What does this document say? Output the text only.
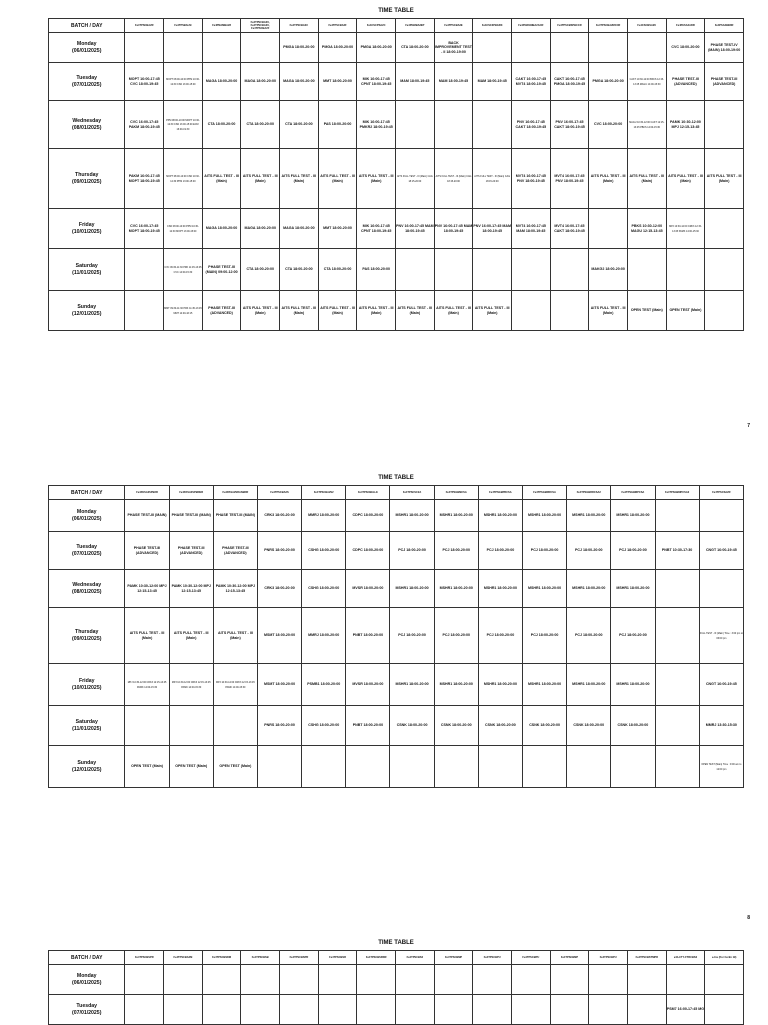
TIME TABLE
BATCH / DAY	Fe4TPSCBA2R	Fe4TPSBALM	Fe4PNAMBA28	Fe4TPSCBA2U, Fe4TPSCBA2U, Fe4TPSCBA2F	Fe4TPSCBA2C	Fe4TPSCBA2F	Fe4CSCPSA2C	Fe4PGMBA2EP	Fe4TPSCBA2E	Fe4CSC3PBGRX	Fe4PGRGMBA2ACR	Fe4TPSCBSPBCCR	Fe4TPSCBA2MCCR	Fe4CSCBSA2U	Fe4PASA2ADR	Fe4PSA2BEDR

Monday
(06/01/2025)					PMGA 18:00-20:00	PMGA 18:00-20:00	PMGA 18:00-20:00	CTA 18:00-20:00	BACK IMPROVEMENT TEST - II 18:00-19:00						CVC 18:00-20:00	PHASE TEST-IV (MAIN) 18:00-19:00

Tuesday
(07/01/2025)	MOPT 16:00-17:45 CVC 18:00-19:45	MOPT 08:00-10:00 PPM 10:30-12:30 CSD 13:00-15:00	MAGA 18:00-20:00	MAGA 18:00-20:00	MAGA 18:00-20:00	MMT 18:00-20:00	MIK 16:00-17:45 CPNT 18:00-19:45	MAM 18:00-19:45	MAM 18:00-19:45	MAM 18:00-19:45	CAKT 16:00-17:45 MVT4 18:00-19:45	CAKT 16:00-17:45 PMGA 18:00-19:45	PMGA 18:00-20:00	CAKT 10:30-12:00 BKKS 12:15-13:45 MAGU 14:00-15:30	PHASE TEST-III (ADVANCED)	PHASE TEST-III (ADVANCED)

Wednesday
(08/01/2025)	CVC 16:00-17:45 PAKM 18:00-19:45	PPM 08:00-10:00 MOPT 10:30-12:30 CSD 13:00-15:00 ECM 16:00-19:30	CTA 18:00-20:00	CTA 18:00-20:00	CTA 18:00-20:00	PAS 18:00-20:00	MIK 16:00-17:45 PMKR2 18:00-19:45				PNV 16:00-17:45 CAKT 18:00-19:45	PNV 16:00-17:45 CAKT 18:00-19:45	CVC 18:00-20:00	MAGU 10:30-12:00 CAKT 12:15-13:45 PBKS 14:00-15:30	PAMK 10:30-12:00 MPJ 12:15-13:45	

Thursday
(09/01/2025)	PAKM 16:00-17:45 MOPT 18:00-19:45	MOPT 08:00-10:00 CSD 10:30-12:30 PPM 13:00-15:00	AITS FULL TEST - III (Main)	AITS FULL TEST - III (Main)	AITS FULL TEST - III (Main)	AITS FULL TEST - III (Main)	AITS FULL TEST - III (Main)	AITS FULL TEST - III (Main) CAG 18:15-20:00	AITS FULL TEST - III (Main) CAG 18:15-20:00	AITS FULL TEST - III (Main) CAG 18:15-20:00	MVT4 16:00-17:45 PNV 18:00-19:45	MVT4 16:00-17:45 PNV 18:00-19:45	AITS FULL TEST - III (Main)	AITS FULL TEST - III (Main)	AITS FULL TEST - III (Main)	AITS FULL TEST - III (Main)

Friday
(10/01/2025)	CVC 16:00-17:45 MOPT 18:00-19:45	CSD 08:00-10:00 PPM 10:30-12:30 MOPT 13:00-15:00	MAGA 18:00-20:00	MAGA 18:00-20:00	MAGA 18:00-20:00	MMT 18:00-20:00	MIK 16:00-17:45 CPNT 18:00-19:45	PNV 16:00-17:45 MAM 18:00-19:45	PNV 16:00-17:45 MAM 18:00-19:45	PNV 16:00-17:45 MAM 18:00-19:45	MVT4 16:00-17:45 MAM 18:00-19:45	MVT4 16:00-17:45 CAKT 18:00-19:45		PBKS 10:30-12:00 MAGU 12:15-13:45	MPJ 10:30-12:00 CRK3 12:15-13:45 PAMK 14:00-15:30	

Saturday
(11/01/2025)		CVC 09:30-11:30 PRK 11:45-13:45 CVC 14:00-15:30	PHASE TEST-III (MAIN) 09:00-12:00	CTA 18:00-20:00	CTA 18:00-20:00	CTA 18:00-20:00	PAS 18:00-20:00						MAKG2 18:00-20:00			

Sunday
(12/01/2025)		MMT 09:30-11:30 PRK 11:45-13:45 MMT 14:00-16:15	PHASE TEST-III (ADVANCED)	AITS FULL TEST - III (Main)	AITS FULL TEST - III (Main)	AITS FULL TEST - III (Main)	AITS FULL TEST - III (Main)	AITS FULL TEST - III (Main)	AITS FULL TEST - III (Main)	AITS FULL TEST - III (Main)			AITS FULL TEST - III (Main)	OPEN TEST (Main)	OPEN TEST (Main)	
7
TIME TABLE
BATCH / DAY	Fe4PASA2SPB2R	Fe4PASA2SPBDER	Fe4PASA2SRASBDR	Fe4TPSCBA2S	Fe4TPSCBA2S2	Fe4TPSCBELLE	Fe4TPSCSC2A	Fe4TPSGBMCSA	Fe4TPSGBPRCSA	Fe4TPSGBRRCSA	Fe4TPSGBRRCSA2	Fe4TPSGBMPCSA	Fe4TPSGBMPCSA2	Fe4TPSCSA2R

Monday
(06/01/2025)	PHASE TEST-III (MAIN)	PHASE TEST-III (MAIN)	PHASE TEST-III (MAIN)	CRK3 18:00-20:00	MMRJ 18:00-20:00	CDPC 18:00-20:00	MSHR1 18:00-20:00	MSHR1 18:00-20:00	MSHR1 18:00-20:00	MSHR1 18:00-20:00	MSHR1 18:00-20:00	MSHR1 18:00-20:00		

Tuesday
(07/01/2025)	PHASE TEST-III (ADVANCED)	PHASE TEST-III (ADVANCED)	PHASE TEST-III (ADVANCED)	PNRS 18:00-20:00	CSHG 18:00-20:00	CDPC 18:00-20:00	PCJ 18:00-20:00	PCJ 18:00-20:00	PCJ 18:00-20:00	PCJ 18:00-20:00	PCJ 18:00-20:00	PCJ 18:00-20:00	PNBT 10:30-17:30	CNGT 16:00-19:45

Wednesday
(08/01/2025)	PAMK 10:30-12:00 MPJ 12:15-13:45	PAMK 10:30-12:00 MPJ 12:15-13:45	PAMK 10:30-12:00 MPJ 12:15-13:45	CRK3 18:00-20:00	CSHG 18:00-20:00	MVSR 18:00-20:00	MSHR1 18:00-20:00	MSHR1 18:00-20:00	MSHR1 18:00-20:00	MSHR1 18:00-20:00	MSHR1 18:00-20:00	MSHR1 18:00-20:00		

Thursday
(09/01/2025)	AITS FULL TEST - III (Main)	AITS FULL TEST - III (Main)	AITS FULL TEST - III (Main)	MSMT 18:00-20:00	MMRJ 18:00-20:00	PNBT 18:00-20:00	PCJ 18:00-20:00	PCJ 18:00-20:00	PCJ 18:00-20:00	PCJ 18:00-20:00	PCJ 18:00-20:00	PCJ 18:00-20:00		FULL TEST - III (Main) Time : 3:00 pm to 06:00 pm

Friday
(10/01/2025)	MPJ 10:30-12:00 CRK3 12:15-13:45 PAMK 14:00-15:30	MPJ 10:30-12:00 CRK3 12:15-13:45 PAMK 14:00-15:30	MPJ 10:30-12:00 CRK3 12:15-13:45 PAMK 14:00-15:30	MSMT 18:00-20:00	PSMB1 18:00-20:00	MVSR 18:00-20:00	MSHR1 18:00-20:00	MSHR1 18:00-20:00	MSHR1 18:00-20:00	MSHR1 18:00-20:00	MSHR1 18:00-20:00	MSHR1 18:00-20:00		CNGT 16:00-19:45

Saturday
(11/01/2025)				PNRS 18:00-20:00	CSHG 18:00-20:00	PNBT 18:00-20:00	CSNK 18:00-20:00	CSNK 18:00-20:00	CSNK 18:00-20:00	CSNK 18:00-20:00	CSNK 18:00-20:00	CSNK 18:00-20:00		MMRJ 13:30-15:30

Sunday
(12/01/2025)	OPEN TEST (Main)	OPEN TEST (Main)	OPEN TEST (Main)											OPEN TEST (Main) Time : 9:00 am to 12:00 pm
8
TIME TABLE
BATCH / DAY	Fe4TPSCBSPR	Fe4TPSCBA2M	Fe4TPSCBSDM	Fe4TPSCBSB	Fe4TPSCBSPR	Fe4TPSCBSR	Fe4TPSCBSRDR	Fe4TPSCBS2	Fe4TPSCBMP	Fe4TPSCBPU	Fe4TPSCBPU	Fe4TPSCBMP	Fe4TPSCBPU	Fe4TPSCBSTMPR	e4h-CTY-FTRCBS3	e-Ins (For Cerlm 19)

Monday
(06/01/2025)																

Tuesday
(07/01/2025)															PSM7 16:00-17:45 MG	
